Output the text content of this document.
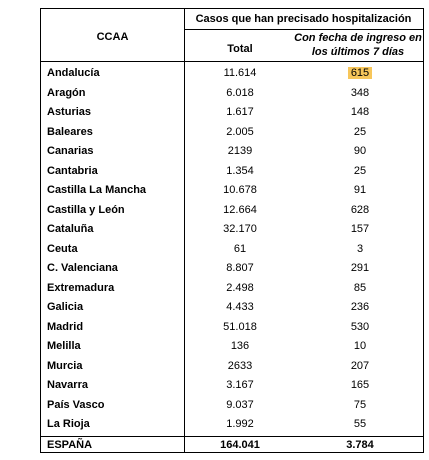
Casos que han precisado hospitalización
CCAA
Total
Con fecha de ingreso en
los últimos 7 días
Andalucía	11.614	615
Aragón	6.018	348
Asturias	1.617	148
Baleares	2.005	25
Canarias	2139	90
Cantabria	1.354	25
Castilla La Mancha	10.678	91
Castilla y León	12.664	628
Cataluña	32.170	157
Ceuta	61	3
C. Valenciana	8.807	291
Extremadura	2.498	85
Galicia	4.433	236
Madrid	51.018	530
Melilla	136	10
Murcia	2633	207
Navarra	3.167	165
País Vasco	9.037	75
La Rioja	1.992	55
ESPAÑA	164.041	3.784
